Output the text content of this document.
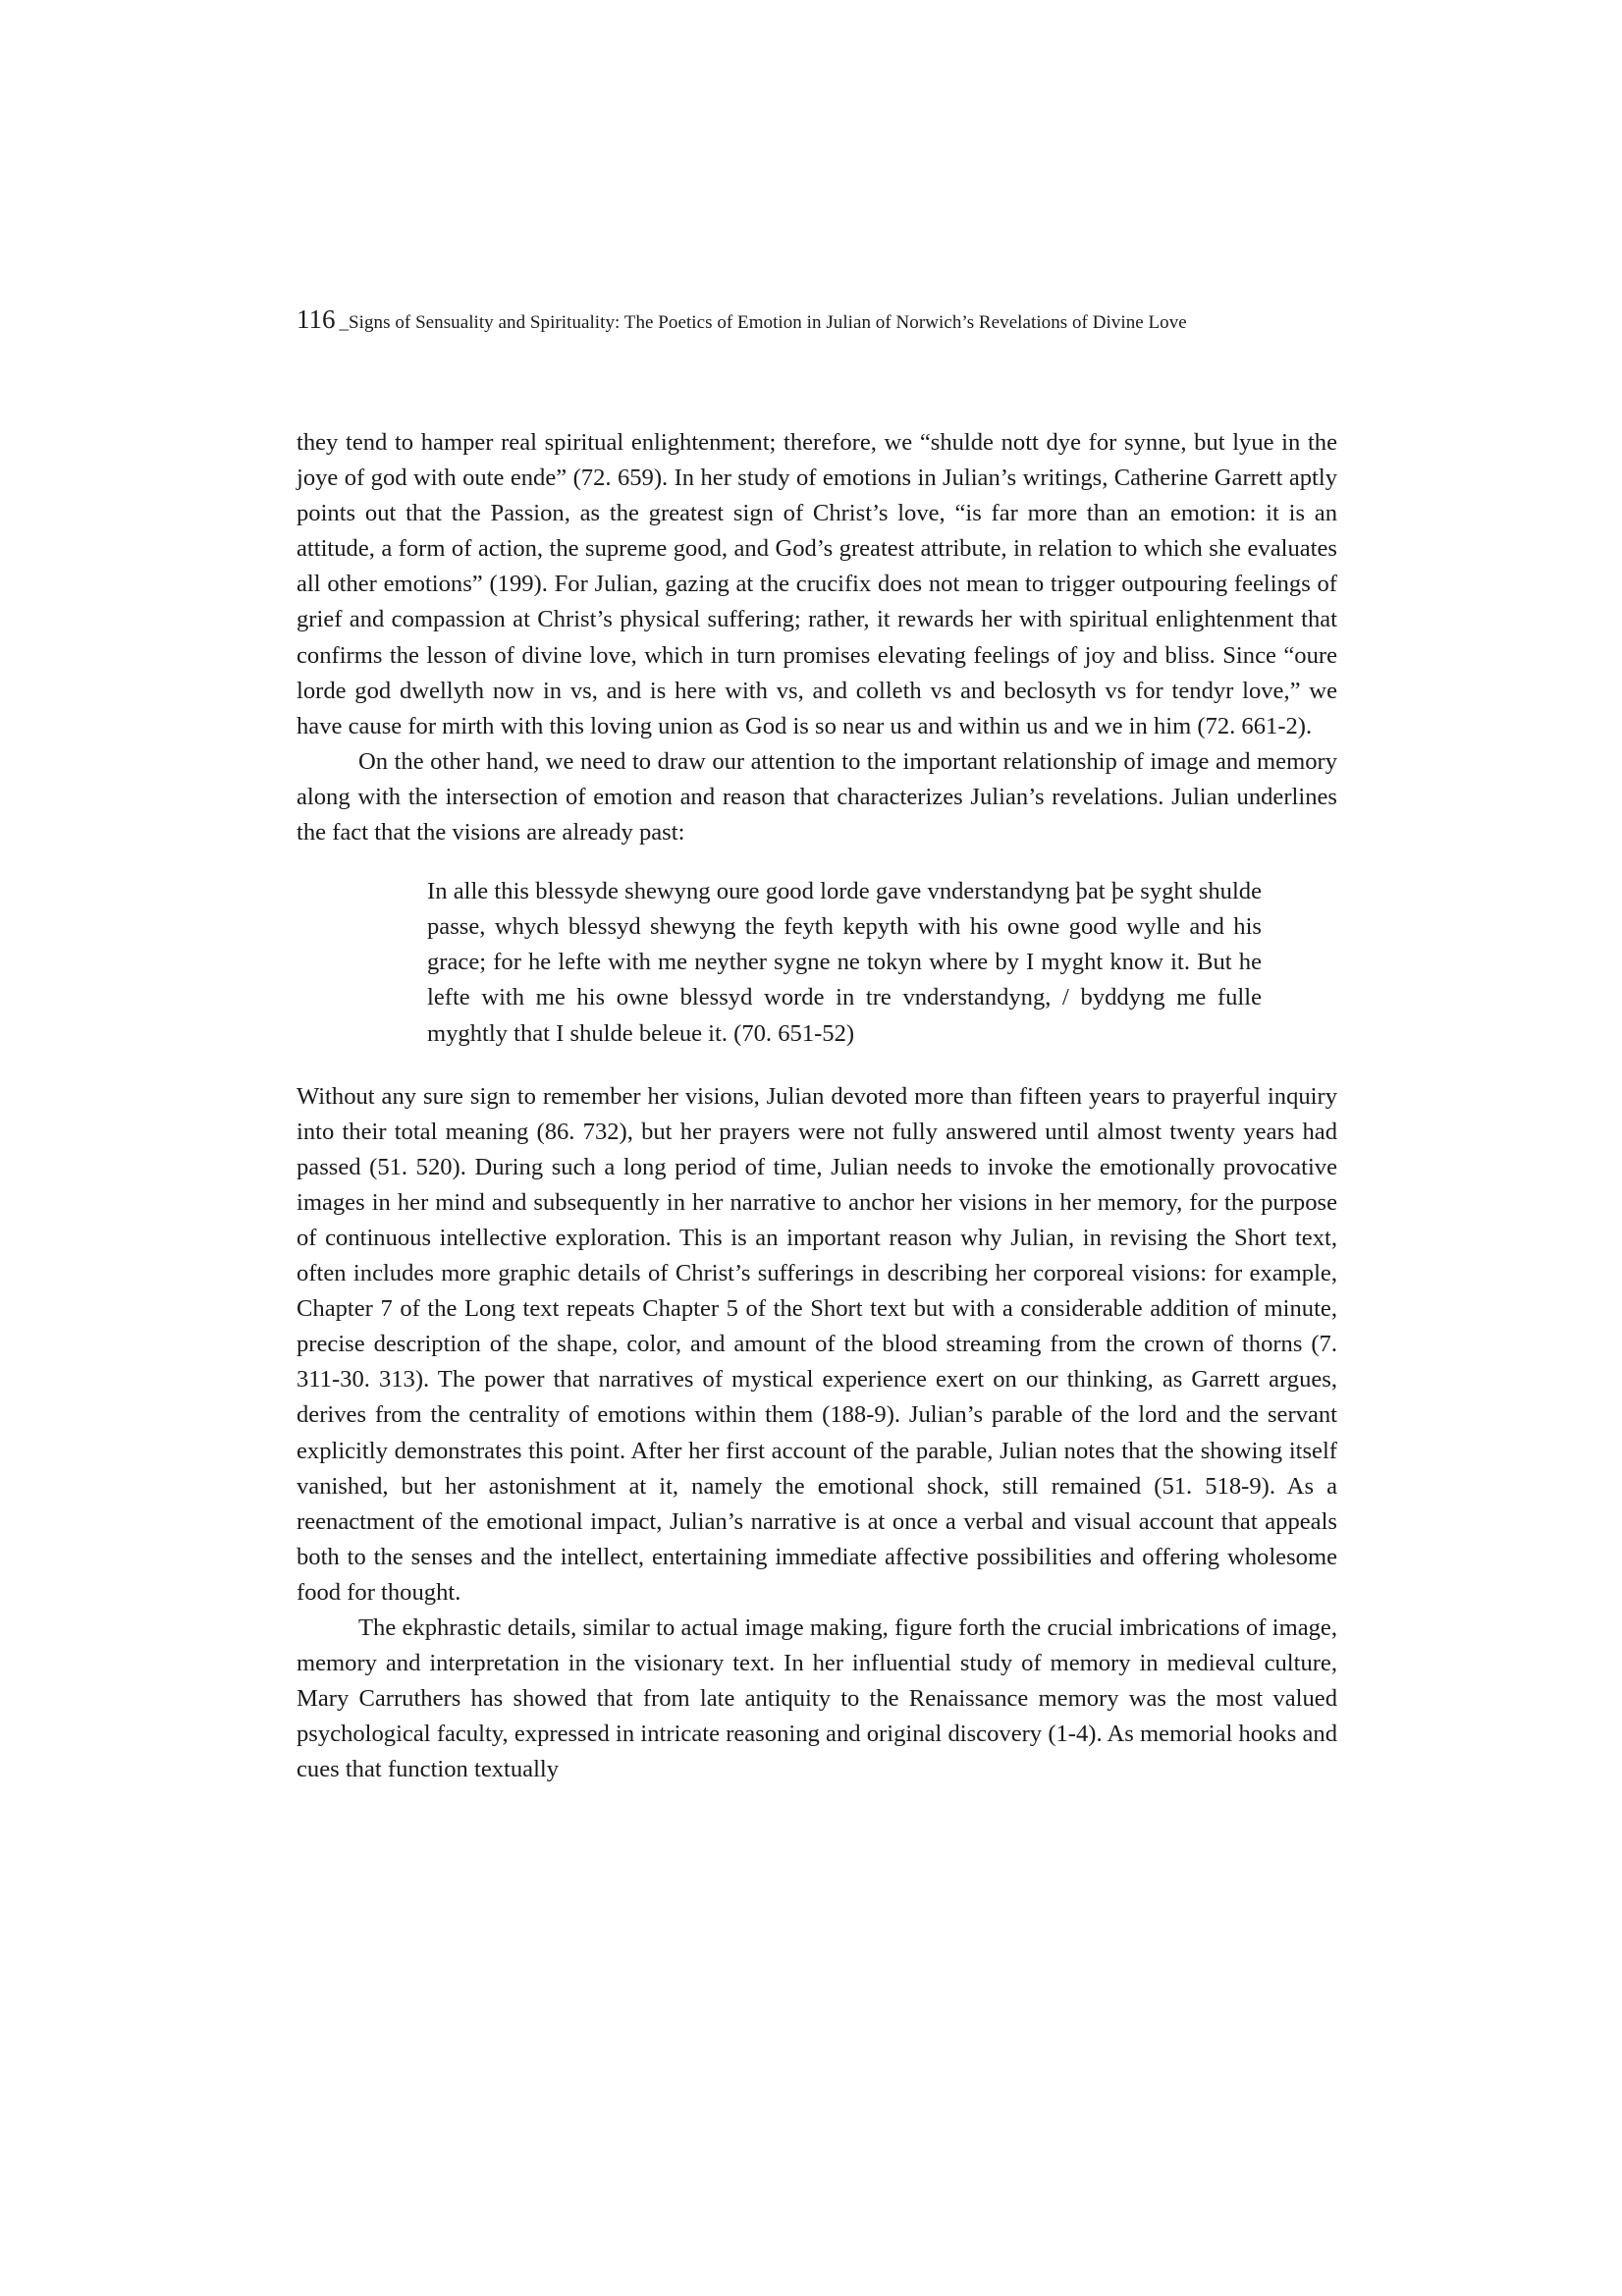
116 _Signs of Sensuality and Spirituality: The Poetics of Emotion in Julian of Norwich’s Revelations of Divine Love

they tend to hamper real spiritual enlightenment; therefore, we “shulde nott dye for synne, but lyue in the joye of god with oute ende” (72. 659). In her study of emotions in Julian’s writings, Catherine Garrett aptly points out that the Passion, as the greatest sign of Christ’s love, “is far more than an emotion: it is an attitude, a form of action, the supreme good, and God’s greatest attribute, in relation to which she evaluates all other emotions” (199). For Julian, gazing at the crucifix does not mean to trigger outpouring feelings of grief and compassion at Christ’s physical suffering; rather, it rewards her with spiritual enlightenment that confirms the lesson of divine love, which in turn promises elevating feelings of joy and bliss. Since “oure lorde god dwellyth now in vs, and is here with vs, and colleth vs and beclosyth vs for tendyr love,” we have cause for mirth with this loving union as God is so near us and within us and we in him (72. 661-2).

On the other hand, we need to draw our attention to the important relationship of image and memory along with the intersection of emotion and reason that characterizes Julian’s revelations. Julian underlines the fact that the visions are already past:

In alle this blessyde shewyng oure good lorde gave vnderstandyng þat þe syght shulde passe, whych blessyd shewyng the feyth kepyth with his owne good wylle and his grace; for he lefte with me neyther sygne ne tokyn where by I myght know it. But he lefte with me his owne blessyd worde in tre vnderstandyng, / byddyng me fulle myghtly that I shulde beleue it. (70. 651-52)

Without any sure sign to remember her visions, Julian devoted more than fifteen years to prayerful inquiry into their total meaning (86. 732), but her prayers were not fully answered until almost twenty years had passed (51. 520). During such a long period of time, Julian needs to invoke the emotionally provocative images in her mind and subsequently in her narrative to anchor her visions in her memory, for the purpose of continuous intellective exploration. This is an important reason why Julian, in revising the Short text, often includes more graphic details of Christ’s sufferings in describing her corporeal visions: for example, Chapter 7 of the Long text repeats Chapter 5 of the Short text but with a considerable addition of minute, precise description of the shape, color, and amount of the blood streaming from the crown of thorns (7. 311-30. 313). The power that narratives of mystical experience exert on our thinking, as Garrett argues, derives from the centrality of emotions within them (188-9). Julian’s parable of the lord and the servant explicitly demonstrates this point. After her first account of the parable, Julian notes that the showing itself vanished, but her astonishment at it, namely the emotional shock, still remained (51. 518-9). As a reenactment of the emotional impact, Julian’s narrative is at once a verbal and visual account that appeals both to the senses and the intellect, entertaining immediate affective possibilities and offering wholesome food for thought.

The ekphrastic details, similar to actual image making, figure forth the crucial imbrications of image, memory and interpretation in the visionary text. In her influential study of memory in medieval culture, Mary Carruthers has showed that from late antiquity to the Renaissance memory was the most valued psychological faculty, expressed in intricate reasoning and original discovery (1-4). As memorial hooks and cues that function textually
